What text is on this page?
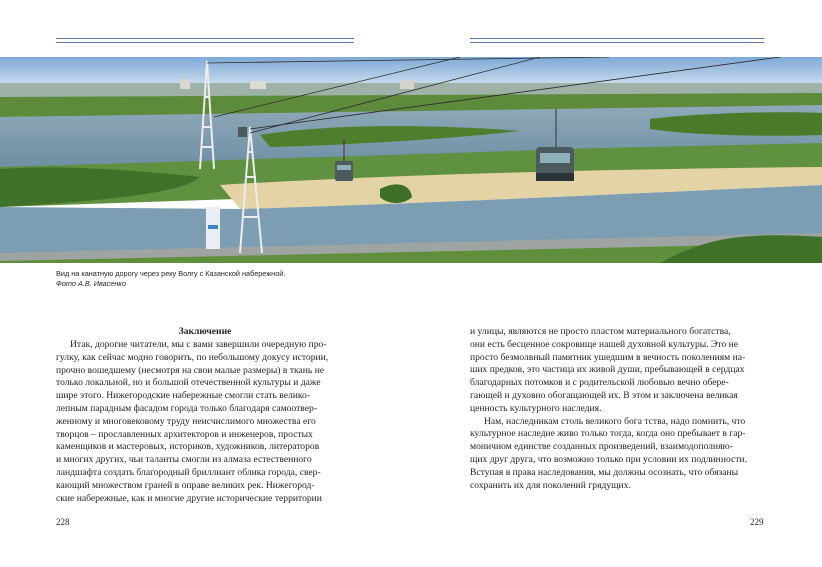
Вид на канатную дорогу через реку Волгу с Казанской набережной.
Фото А.В. Ивасенко
Заключение

Итак, дорогие читатели, мы с вами завершили очередную про-

гулку, как сейчас модно говорить, по небольшому докусу истории,

прочно вошедшему (несмотря на свои малые размеры) в ткань не

только локальной, но и большой отечественной культуры и даже

шире этого. Нижегородские набережные смогли стать велико-

лепным парадным фасадом города только благодаря самоотвер-

женному и многовековому труду неисчислимого множества его

творцов – прославленных архитекторов и инженеров, простых

каменщиков и мастеровых, историков, художников, литераторов

и многих других, чьи таланты смогли из алмаза естественного

ландшафта создать благородный бриллиант облика города, свер-

кающий множеством граней в оправе великих рек. Нижегород-

ские набережные, как и многие другие исторические территории

и улицы, являются не просто пластом материального богатства,

они есть бесценное сокровище нашей духовной культуры. Это не

просто безмолвный памятник ушедшим в вечность поколениям на-

ших предков, это частица их живой души, пребывающей в сердцах

благодарных потомков и с родительской любовью вечно обере-

гающей и духовно обогащающей их. В этом и заключена великая

ценность культурного наследия.

Нам, наследникам столь великого бога тства, надо помнить, что

культурное наследие живо только тогда, когда оно пребывает в гар-

моничном единстве созданных произведений, взаимодополняю-

щих друг друга, что возможно только при условии их подлинности.

Вступая в права наследования, мы должны осознать, что обязаны

сохранить их для поколений грядущих.

228	229
